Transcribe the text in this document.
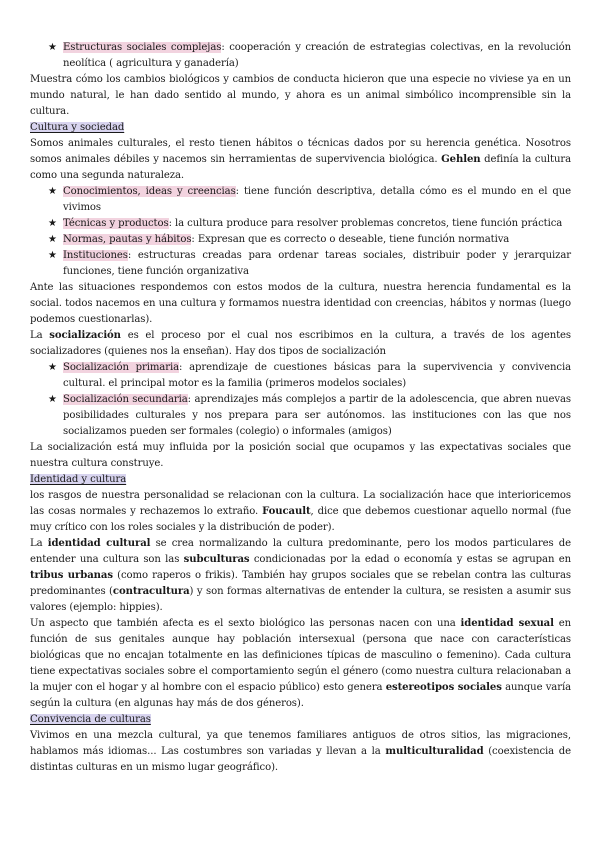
★ Estructuras sociales complejas: cooperación y creación de estrategias colectivas, en la revolución neolítica ( agricultura y ganadería)

Muestra cómo los cambios biológicos y cambios de conducta hicieron que una especie no viviese ya en un mundo natural, le han dado sentido al mundo, y ahora es un animal simbólico incomprensible sin la cultura.

Cultura y sociedad

Somos animales culturales, el resto tienen hábitos o técnicas dados por su herencia genética. Nosotros somos animales débiles y nacemos sin herramientas de supervivencia biológica. Gehlen definía la cultura como una segunda naturaleza.

★ Conocimientos, ideas y creencias: tiene función descriptiva, detalla cómo es el mundo en el que vivimos
★ Técnicas y productos: la cultura produce para resolver problemas concretos, tiene función práctica
★ Normas, pautas y hábitos: Expresan que es correcto o deseable, tiene función normativa
★ Instituciones: estructuras creadas para ordenar tareas sociales, distribuir poder y jerarquizar funciones, tiene función organizativa

Ante las situaciones respondemos con estos modos de la cultura, nuestra herencia fundamental es la social. todos nacemos en una cultura y formamos nuestra identidad con creencias, hábitos y normas (luego podemos cuestionarlas).

La socialización es el proceso por el cual nos escribimos en la cultura, a través de los agentes socializadores (quienes nos la enseñan). Hay dos tipos de socialización

★ Socialización primaria: aprendizaje de cuestiones básicas para la supervivencia y convivencia cultural. el principal motor es la familia (primeros modelos sociales)
★ Socialización secundaria: aprendizajes más complejos a partir de la adolescencia, que abren nuevas posibilidades culturales y nos prepara para ser autónomos. las instituciones con las que nos socializamos pueden ser formales (colegio) o informales (amigos)

La socialización está muy influida por la posición social que ocupamos y las expectativas sociales que nuestra cultura construye.

Identidad y cultura

los rasgos de nuestra personalidad se relacionan con la cultura. La socialización hace que interioricemos las cosas normales y rechazemos lo extraño. Foucault, dice que debemos cuestionar aquello normal (fue muy crítico con los roles sociales y la distribución de poder).

La identidad cultural se crea normalizando la cultura predominante, pero los modos particulares de entender una cultura son las subculturas condicionadas por la edad o economía y estas se agrupan en tribus urbanas (como raperos o frikis). También hay grupos sociales que se rebelan contra las culturas predominantes (contracultura) y son formas alternativas de entender la cultura, se resisten a asumir sus valores (ejemplo: hippies).

Un aspecto que también afecta es el sexto biológico las personas nacen con una identidad sexual en función de sus genitales aunque hay población intersexual (persona que nace con características biológicas que no encajan totalmente en las definiciones típicas de masculino o femenino). Cada cultura tiene expectativas sociales sobre el comportamiento según el género (como nuestra cultura relacionaban a la mujer con el hogar y al hombre con el espacio público) esto genera estereotipos sociales aunque varía según la cultura (en algunas hay más de dos géneros).

Convivencia de culturas

Vivimos en una mezcla cultural, ya que tenemos familiares antiguos de otros sitios, las migraciones, hablamos más idiomas... Las costumbres son variadas y llevan a la multiculturalidad (coexistencia de distintas culturas en un mismo lugar geográfico).
